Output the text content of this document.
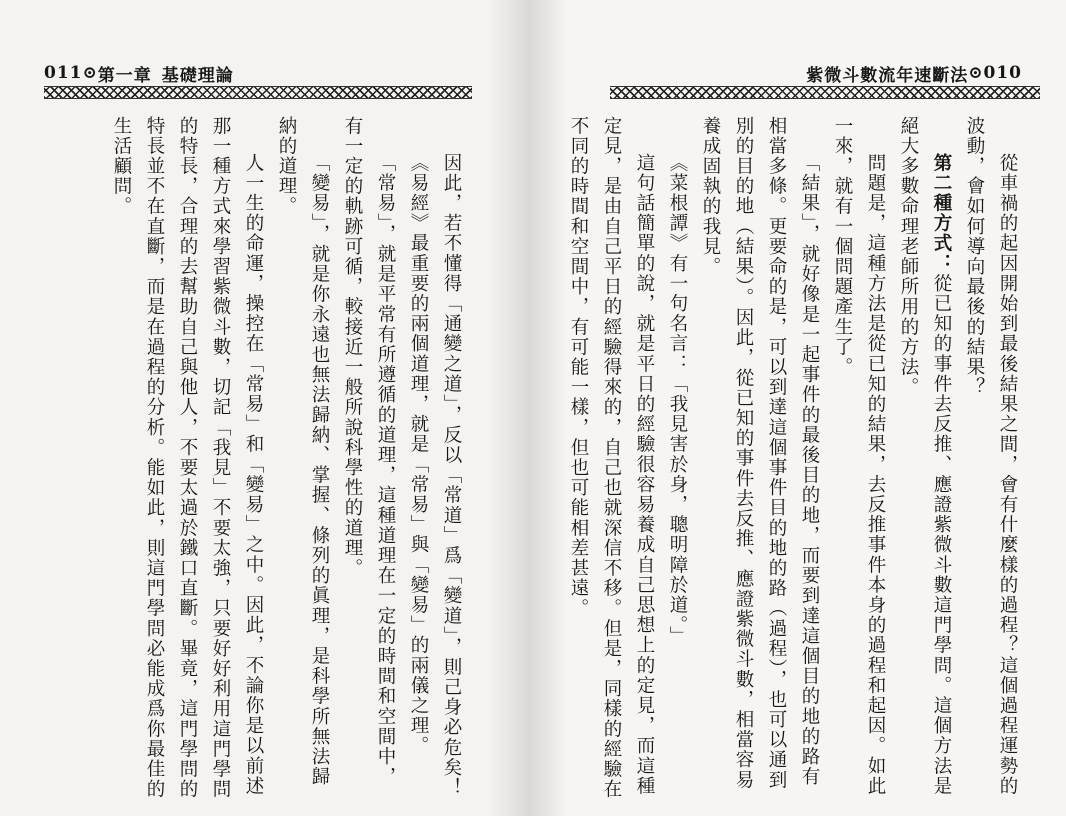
011 ⊙ 第一章 基礎理論

因此，若不懂得「通變之道」，反以「常道」爲「變道」，則己身必危矣！

《易經》最重要的兩個道理，就是「常易」與「變易」的兩儀之理。

「常易」，就是平常有所遵循的道理，這種道理在一定的時間和空間中，有一定的軌跡可循，較接近一般所說科學性的道理。

「變易」，就是你永遠也無法歸納、掌握、條列的眞理，是科學所無法歸納的道理。

人一生的命運，操控在「常易」和「變易」之中。因此，不論你是以前述那一種方式來學習紫微斗數，切記「我見」不要太強，只要好好利用這門學問的特長，合理的去幫助自己與他人，不要太過於鐵口直斷。畢竟，這門學問的特長並不在直斷，而是在過程的分析。能如此，則這門學問必能成爲你最佳的生活顧問。

紫微斗數流年速斷法 ⊙ 010

從車禍的起因開始到最後結果之間，會有什麼樣的過程？這個過程運勢的波動，會如何導向最後的結果？

第二種方式：從已知的事件去反推、應證紫微斗數這門學問。這個方法是絕大多數命理老師所用的方法。

問題是，這種方法是從已知的結果，去反推事件本身的過程和起因。如此一來，就有一個問題產生了。

「結果」，就好像是一起事件的最後目的地，而要到達這個目的地的路有相當多條。更要命的是，可以到達這個事件目的地的路（過程），也可以通到別的目的地（結果）。因此，從已知的事件去反推、應證紫微斗數，相當容易養成固執的我見。

《菜根譚》有一句名言：「我見害於身，聰明障於道。」

這句話簡單的說，就是平日的經驗很容易養成自己思想上的定見，而這種定見，是由自己平日的經驗得來的，自己也就深信不移。但是，同樣的經驗在不同的時間和空間中，有可能一樣，但也可能相差甚遠。
